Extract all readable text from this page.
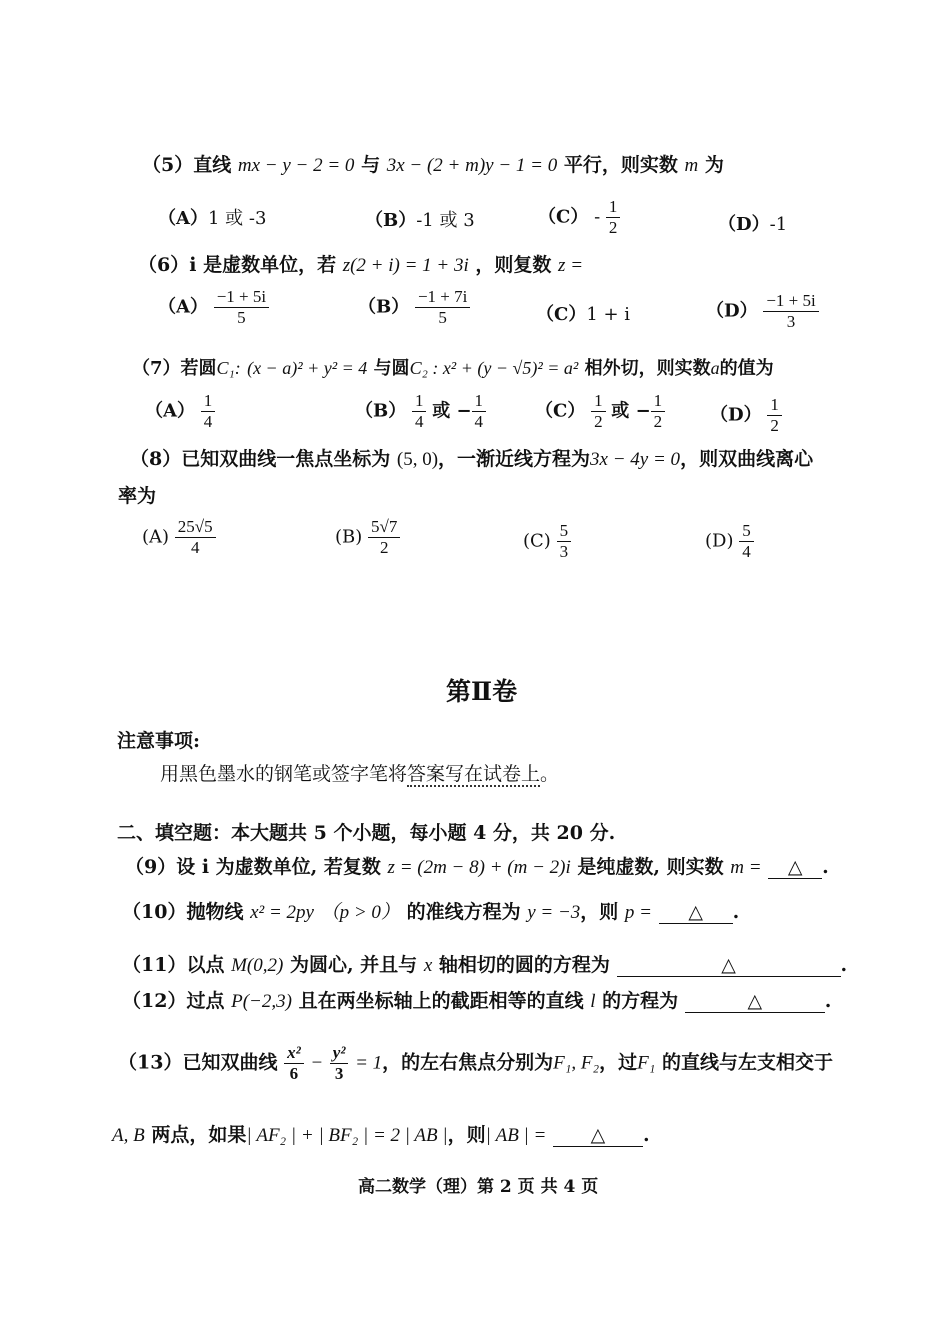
（5）直线 mx − y − 2 = 0 与 3x − (2 + m)y − 1 = 0 平行，则实数 m 为
（A）1 或 -3	（B）-1 或 3	$(C) - \frac{1}{2}$	（D）-1
（6）i 是虚数单位，若 z(2 + i) = 1 + 3i ，则复数 z =
$(A) \frac{-1 + 5i}{5}$	$(B) \frac{-1 + 7i}{5}$	（C）1 + i	$(D) \frac{-1 + 5i}{3}$
（7）若圆C₁: (x − a)² + y² = 4 与圆C₂ : x² + (y − √5)² = a² 相外切，则实数a的值为
$(A) \frac{1}{4}$	$(B) \frac{1}{4}$ 或 − $\frac{1}{4}$	$(C) \frac{1}{2}$ 或 − $\frac{1}{2} (D) \frac{1}{2}$
（8）已知双曲线一焦点坐标为 (5, 0)，一渐近线方程为3x − 4y = 0，则双曲线离心
率为
$(A) \frac{25√5}{4}$	$(B) \frac{5√7}{2}$	$(C) \frac{5}{3}$	$(D) \frac{5}{4}$
第Ⅱ卷
注意事项:
用黑色墨水的钢笔或签字笔将答案写在试卷上。
二、填空题：本大题共 5 个小题，每小题 4 分，共 20 分.
（9）设 i 为虚数单位, 若复数 z = (2m − 8) + (m − 2)i 是纯虚数, 则实数 m = △ .
（10）抛物线 x² = 2py （p > 0） 的准线方程为 y = −3，则 p = △ .
（11）以点 M(0,2) 为圆心, 并且与 x 轴相切的圆的方程为	△	.
（12）过点 P(−2,3) 且在两坐标轴上的截距相等的直线 l 的方程为	△	.
（13）已知双曲线 $\frac{\text{x²}}{6} - \frac{\text{y²}}{3} = 1$，的左右焦点分别为F₁, F₂，过F₁ 的直线与左支相交于
A, B 两点，如果| AF₂ | + | BF₂ | = 2 | AB |，则| AB | = △ .
高二数学（理）第 2 页 共 4 页
